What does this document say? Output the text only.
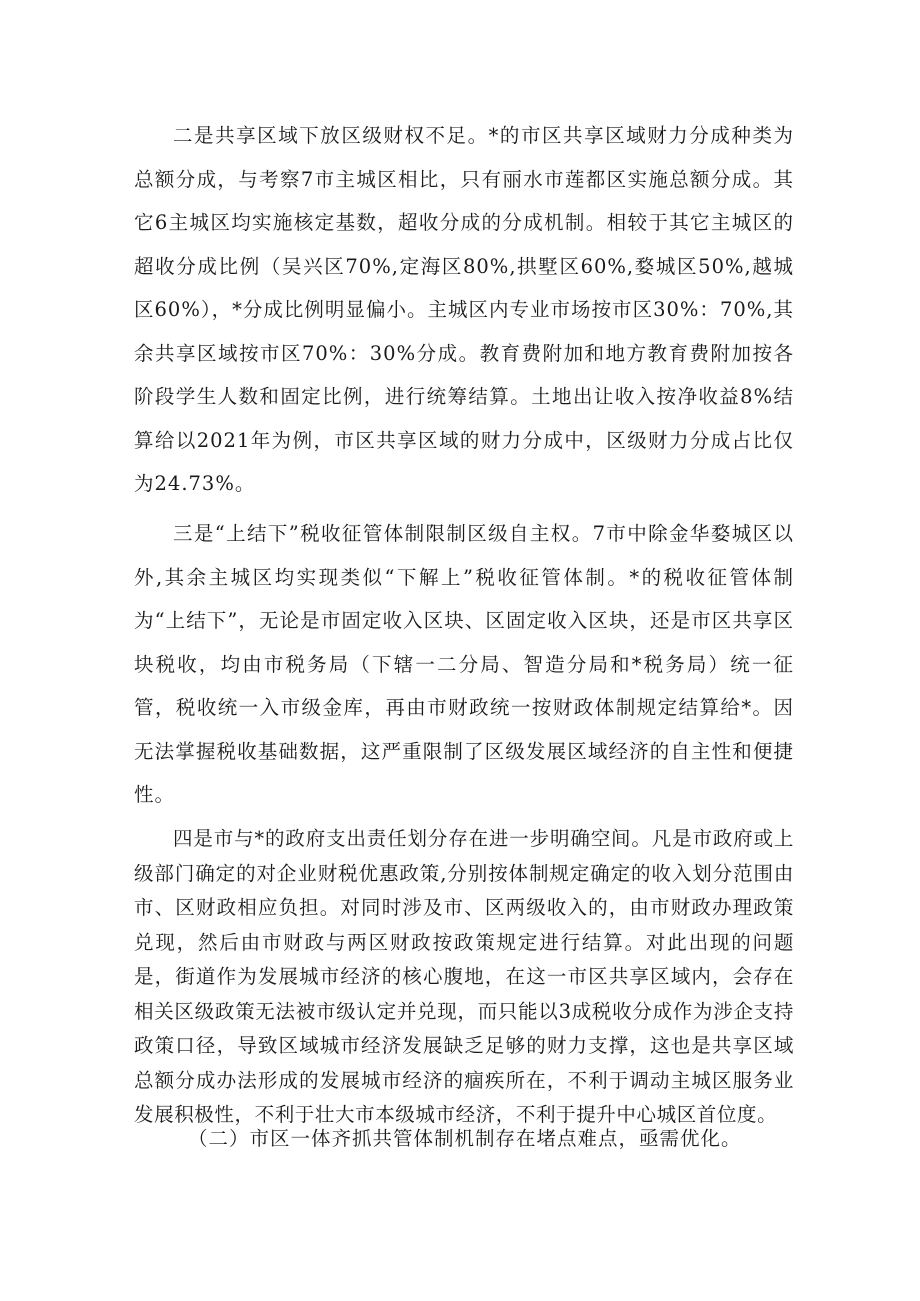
二是共享区域下放区级财权不足。*的市区共享区域财力分成种类为总额分成，与考察7市主城区相比，只有丽水市莲都区实施总额分成。其它6主城区均实施核定基数，超收分成的分成机制。相较于其它主城区的超收分成比例（吴兴区70%,定海区80%,拱墅区60%,婺城区50%,越城区60%），*分成比例明显偏小。主城区内专业市场按市区30%：70%,其余共享区域按市区70%：30%分成。教育费附加和地方教育费附加按各阶段学生人数和固定比例，进行统筹结算。土地出让收入按净收益8%结算给以2021年为例，市区共享区域的财力分成中，区级财力分成占比仅为24.73%。

三是“上结下”税收征管体制限制区级自主权。7市中除金华婺城区以外,其余主城区均实现类似“下解上”税收征管体制。*的税收征管体制为“上结下”，无论是市固定收入区块、区固定收入区块，还是市区共享区块税收，均由市税务局（下辖一二分局、智造分局和*税务局）统一征管，税收统一入市级金库，再由市财政统一按财政体制规定结算给*。因无法掌握税收基础数据，这严重限制了区级发展区域经济的自主性和便捷性。

四是市与*的政府支出责任划分存在进一步明确空间。凡是市政府或上级部门确定的对企业财税优惠政策,分别按体制规定确定的收入划分范围由市、区财政相应负担。对同时涉及市、区两级收入的，由市财政办理政策兑现，然后由市财政与两区财政按政策规定进行结算。对此出现的问题是，街道作为发展城市经济的核心腹地，在这一市区共享区域内，会存在相关区级政策无法被市级认定并兑现，而只能以3成税收分成作为涉企支持政策口径，导致区域城市经济发展缺乏足够的财力支撑，这也是共享区域总额分成办法形成的发展城市经济的痼疾所在，不利于调动主城区服务业发展积极性，不利于壮大市本级城市经济，不利于提升中心城区首位度。

（二）市区一体齐抓共管体制机制存在堵点难点，亟需优化。
